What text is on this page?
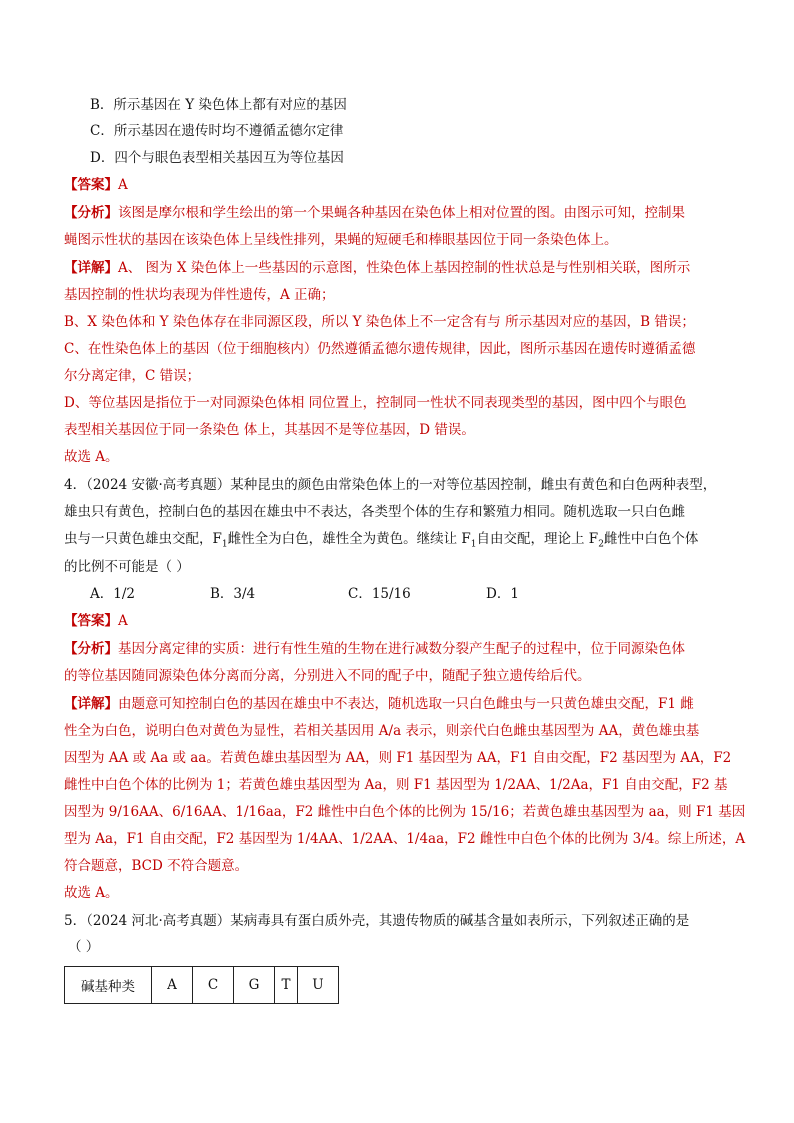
B．所示基因在 Y 染色体上都有对应的基因
C．所示基因在遗传时均不遵循孟德尔定律
D．四个与眼色表型相关基因互为等位基因
【答案】A
【分析】该图是摩尔根和学生绘出的第一个果蝇各种基因在染色体上相对位置的图。由图示可知，控制果
蝇图示性状的基因在该染色体上呈线性排列，果蝇的短硬毛和棒眼基因位于同一条染色体上。
【详解】A、 图为 X 染色体上一些基因的示意图，性染色体上基因控制的性状总是与性别相关联，图所示
基因控制的性状均表现为伴性遗传，A 正确；
B、X 染色体和 Y 染色体存在非同源区段，所以 Y 染色体上不一定含有与 所示基因对应的基因，B 错误；
C、在性染色体上的基因（位于细胞核内）仍然遵循孟德尔遗传规律，因此，图所示基因在遗传时遵循孟德
尔分离定律，C 错误；
D、等位基因是指位于一对同源染色体相 同位置上，控制同一性状不同表现类型的基因，图中四个与眼色
表型相关基因位于同一条染色 体上，其基因不是等位基因，D 错误。
故选 A。
4．（2024 安徽·高考真题）某种昆虫的颜色由常染色体上的一对等位基因控制，雌虫有黄色和白色两种表型，
雄虫只有黄色，控制白色的基因在雄虫中不表达，各类型个体的生存和繁殖力相同。随机选取一只白色雌
虫与一只黄色雄虫交配，$F_1$雌性全为白色，雄性全为黄色。继续让 $F_1$自由交配，理论上 $F_2$雌性中白色个体
的比例不可能是（ ）
A．1/2	B．3/4	C．15/16	D．1
【答案】A
【分析】基因分离定律的实质：进行有性生殖的生物在进行减数分裂产生配子的过程中，位于同源染色体
的等位基因随同源染色体分离而分离，分别进入不同的配子中，随配子独立遗传给后代。
【详解】由题意可知控制白色的基因在雄虫中不表达，随机选取一只白色雌虫与一只黄色雄虫交配，F1 雌
性全为白色，说明白色对黄色为显性，若相关基因用 A/a 表示，则亲代白色雌虫基因型为 AA，黄色雄虫基
因型为 AA 或 Aa 或 aa。若黄色雄虫基因型为 AA，则 F1 基因型为 AA，F1 自由交配，F2 基因型为 AA，F2
雌性中白色个体的比例为 1；若黄色雄虫基因型为 Aa，则 F1 基因型为 1/2AA、1/2Aa，F1 自由交配，F2 基
因型为 9/16AA、6/16AA、1/16aa，F2 雌性中白色个体的比例为 15/16；若黄色雄虫基因型为 aa，则 F1 基因
型为 Aa，F1 自由交配，F2 基因型为 1/4AA、1/2AA、1/4aa，F2 雌性中白色个体的比例为 3/4。综上所述，A
符合题意，BCD 不符合题意。
故选 A。
5．（2024 河北·高考真题）某病毒具有蛋白质外壳，其遗传物质的碱基含量如表所示，下列叙述正确的是
（ ）
碱基种类	A	C	G	T	U
